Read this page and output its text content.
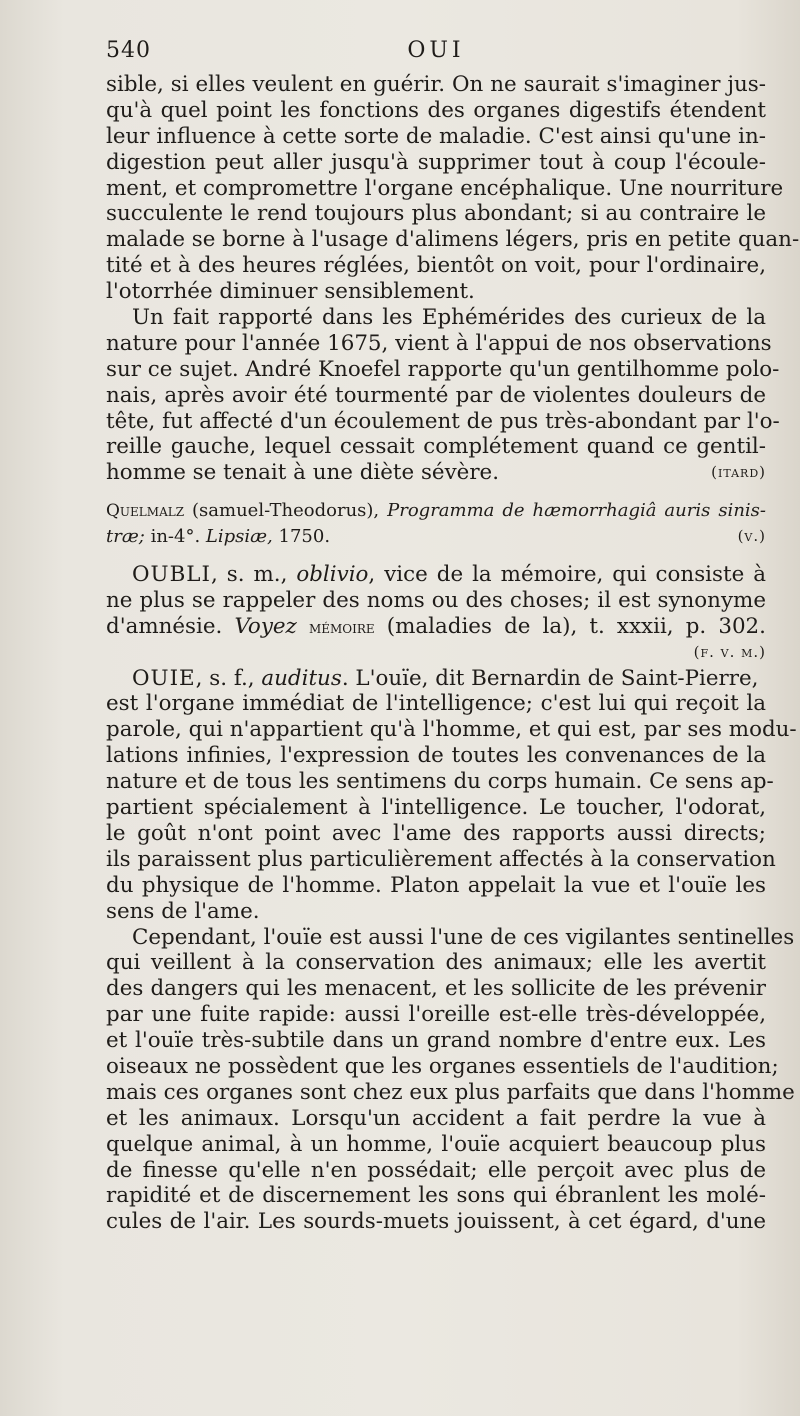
540	OUI
sible, si elles veulent en guérir. On ne saurait s'imaginer jus-
qu'à quel point les fonctions des organes digestifs étendent
leur influence à cette sorte de maladie. C'est ainsi qu'une in-
digestion peut aller jusqu'à supprimer tout à coup l'écoule-
ment, et compromettre l'organe encéphalique. Une nourriture
succulente le rend toujours plus abondant; si au contraire le
malade se borne à l'usage d'alimens légers, pris en petite quan-
tité et à des heures réglées, bientôt on voit, pour l'ordinaire,
l'otorrhée diminuer sensiblement.
Un fait rapporté dans les Ephémérides des curieux de la
nature pour l'année 1675, vient à l'appui de nos observations
sur ce sujet. André Knoefel rapporte qu'un gentilhomme polo-
nais, après avoir été tourmenté par de violentes douleurs de
tête, fut affecté d'un écoulement de pus très-abondant par l'o-
reille gauche, lequel cessait complétement quand ce gentil-
homme se tenait à une diète sévère.	(itard)
Quelmalz (samuel-Theodorus), Programma de hæmorrhagiâ auris sinis-
træ; in-4°. Lipsiæ, 1750.	(v.)
OUBLI, s. m., oblivio, vice de la mémoire, qui consiste à
ne plus se rappeler des noms ou des choses; il est synonyme
d'amnésie. Voyez mémoire (maladies de la), t. xxxii, p. 302.
(f. v. m.)
OUIE, s. f., auditus. L'ouïe, dit Bernardin de Saint-Pierre,
est l'organe immédiat de l'intelligence; c'est lui qui reçoit la
parole, qui n'appartient qu'à l'homme, et qui est, par ses modu-
lations infinies, l'expression de toutes les convenances de la
nature et de tous les sentimens du corps humain. Ce sens ap-
partient spécialement à l'intelligence. Le toucher, l'odorat,
le goût n'ont point avec l'ame des rapports aussi directs;
ils paraissent plus particulièrement affectés à la conservation
du physique de l'homme. Platon appelait la vue et l'ouïe les
sens de l'ame.
Cependant, l'ouïe est aussi l'une de ces vigilantes sentinelles
qui veillent à la conservation des animaux; elle les avertit
des dangers qui les menacent, et les sollicite de les prévenir
par une fuite rapide: aussi l'oreille est-elle très-développée,
et l'ouïe très-subtile dans un grand nombre d'entre eux. Les
oiseaux ne possèdent que les organes essentiels de l'audition;
mais ces organes sont chez eux plus parfaits que dans l'homme
et les animaux. Lorsqu'un accident a fait perdre la vue à
quelque animal, à un homme, l'ouïe acquiert beaucoup plus
de finesse qu'elle n'en possédait; elle perçoit avec plus de
rapidité et de discernement les sons qui ébranlent les molé-
cules de l'air. Les sourds-muets jouissent, à cet égard, d'une
